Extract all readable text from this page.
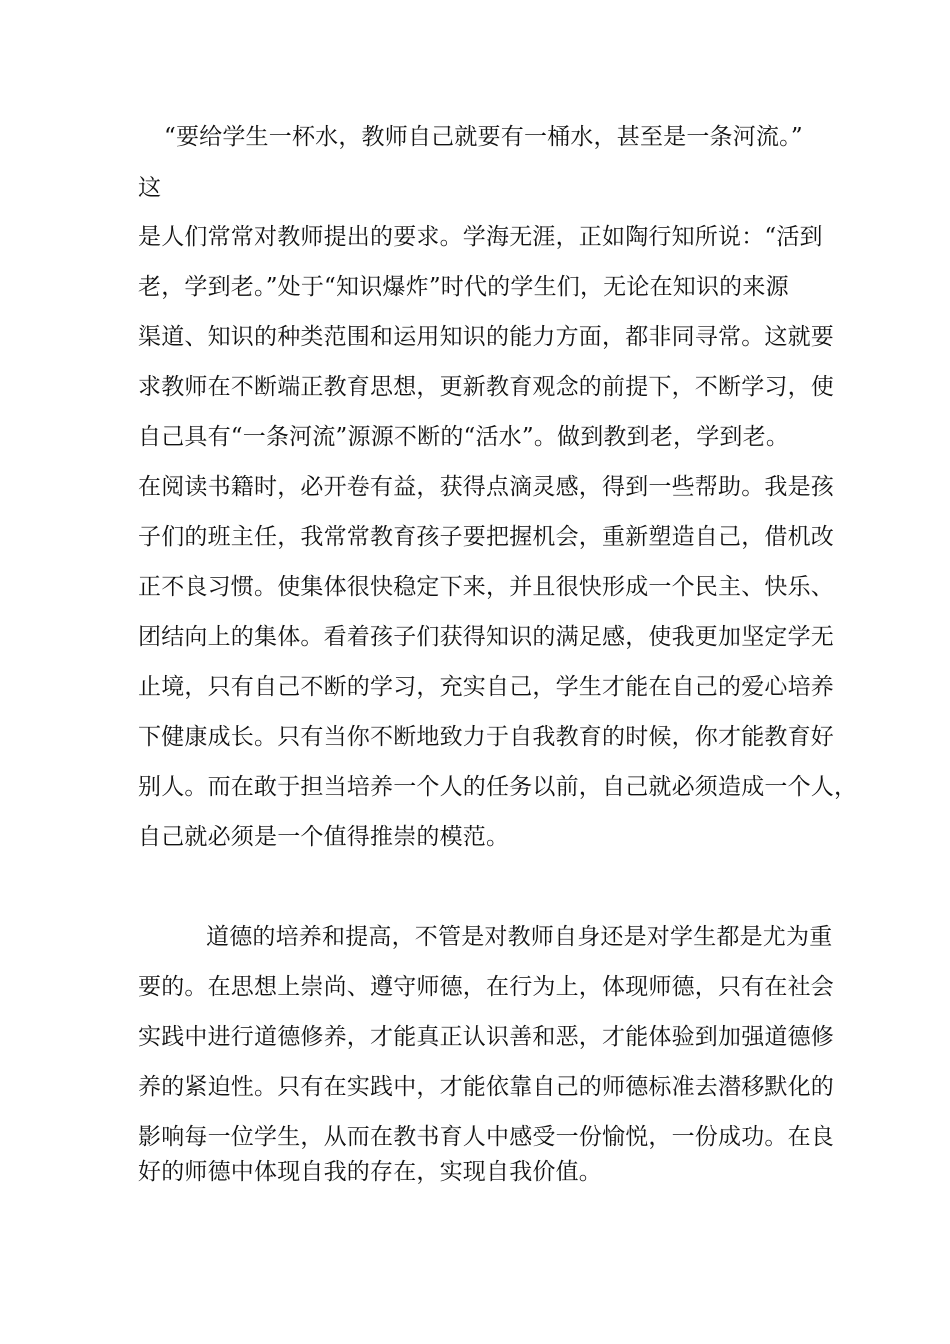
“要给学生一杯水，教师自己就要有一桶水，甚至是一条河流。”
这
是人们常常对教师提出的要求。学海无涯，正如陶行知所说：“活到
老，学到老。”处于“知识爆炸”时代的学生们，无论在知识的来源
渠道、知识的种类范围和运用知识的能力方面，都非同寻常。这就要
求教师在不断端正教育思想，更新教育观念的前提下，不断学习，使
自己具有“一条河流”源源不断的“活水”。做到教到老，学到老。
在阅读书籍时，必开卷有益，获得点滴灵感，得到一些帮助。我是孩
子们的班主任，我常常教育孩子要把握机会，重新塑造自己，借机改
正不良习惯。使集体很快稳定下来，并且很快形成一个民主、快乐、
团结向上的集体。看着孩子们获得知识的满足感，使我更加坚定学无
止境，只有自己不断的学习，充实自己，学生才能在自己的爱心培养
下健康成长。只有当你不断地致力于自我教育的时候，你才能教育好
别人。而在敢于担当培养一个人的任务以前，自己就必须造成一个人，
自己就必须是一个值得推崇的模范。
道德的培养和提高，不管是对教师自身还是对学生都是尤为重
要的。在思想上崇尚、遵守师德，在行为上，体现师德，只有在社会
实践中进行道德修养，才能真正认识善和恶，才能体验到加强道德修
养的紧迫性。只有在实践中，才能依靠自己的师德标准去潜移默化的
影响每一位学生，从而在教书育人中感受一份愉悦，一份成功。在良
好的师德中体现自我的存在，实现自我价值。
